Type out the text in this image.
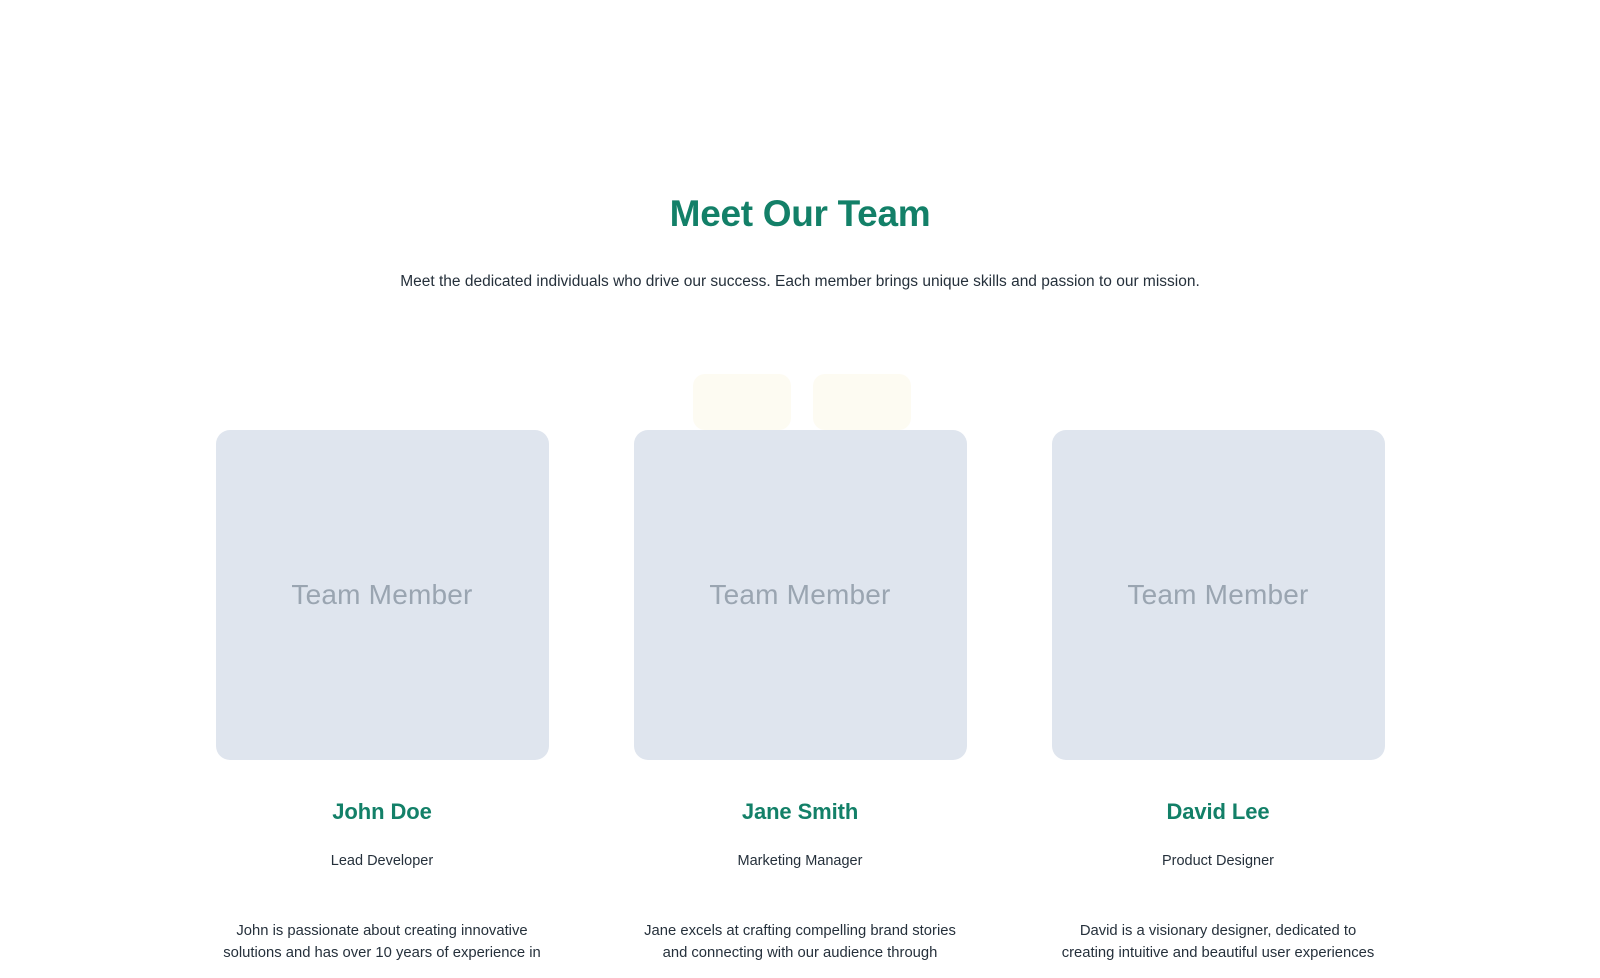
Meet Our Team

Meet the dedicated individuals who drive our success. Each member brings unique skills and passion to our mission.

Team Member
John Doe

Lead Developer

John is passionate about creating innovative solutions and has over 10 years of experience in

Team Member
Jane Smith

Marketing Manager

Jane excels at crafting compelling brand stories and connecting with our audience through

Team Member
David Lee

Product Designer

David is a visionary designer, dedicated to creating intuitive and beautiful user experiences
